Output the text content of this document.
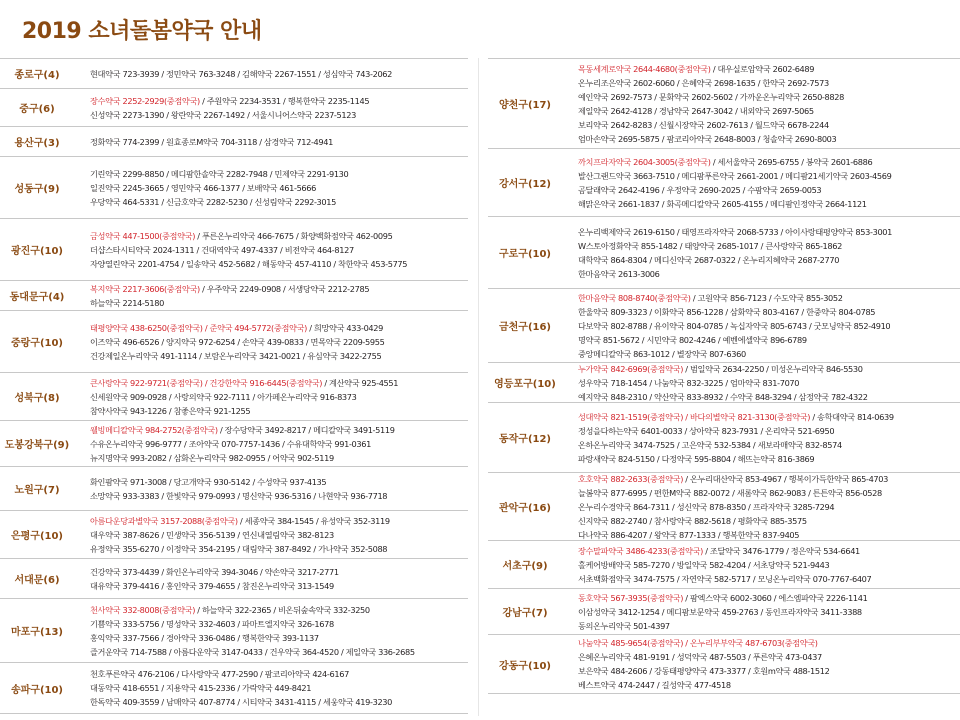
2019 소녀돌봄약국 안내
종로구(4)	현대약국 723-3939 / 정민약국 763-3248 / 김해약국 2267-1551 / 성심약국 743-2062
중구(6)
장수약국 2252-2929(중점약국) / 주원약국 2234-3531 / 행복한약국 2235-1145
신성약국 2273-1390 / 왕란약국 2267-1492 / 서울시니어스약국 2237-5123
용산구(3)	정화약국 774-2399 / 원효종로M약국 704-3118 / 삼경약국 712-4941
성동구(9)
기린약국 2299-8850 / 메디팜한솔약국 2282-7948 / 민제약국 2291-9130
일진약국 2245-3665 / 영민약국 466-1377 / 보배약국 461-5666
우당약국 464-5331 / 신금호약국 2282-5230 / 신성림약국 2292-3015
광진구(10)
금성약국 447-1500(중점약국) / 푸른온누리약국 466-7675 / 화양백화점약국 462-0095
더샵스타시티약국 2024-1311 / 건대역약국 497-4337 / 비전약국 464-8127
자양열린약국 2201-4754 / 일송약국 452-5682 / 해동약국 457-4110 / 착한약국 453-5775
동대문구(4)
복지약국 2217-3606(중점약국) / 우주약국 2249-0908 / 서생당약국 2212-2785
하늘약국 2214-5180
중랑구(10)
태평양약국 438-6250(중점약국) / 준약국 494-5772(중점약국) / 희망약국 433-0429
이즈약국 496-6526 / 양지약국 972-6254 / 손약국 439-0833 / 면목약국 2209-5955
건강제일온누리약국 491-1114 / 보람온누리약국 3421-0021 / 유심약국 3422-2755
성북구(8)
큰사랑약국 922-9721(중점약국) / 건강한약국 916-6445(중점약국) / 계산약국 925-4551
신세원약국 909-0928 / 사랑의약국 922-7111 / 아가페온누리약국 916-8373
참약사약국 943-1226 / 참좋은약국 921-1255
도봉강북구(9)
웰빙메디칼약국 984-2752(중점약국) / 장수당약국 3492-8217 / 메디칼약국 3491-5119
수유온누리약국 996-9777 / 조아약국 070-7757-1436 / 수유대학약국 991-0361
뉴지명약국 993-2082 / 삼화온누리약국 982-0955 / 어약국 902-5119
노원구(7)
화인팜약국 971-3008 / 당고개약국 930-5142 / 수성약국 937-4135
소망약국 933-3383 / 한빛약국 979-0993 / 명신약국 936-5316 / 나현약국 936-7718
은평구(10)
아름다운당과별약국 3157-2088(중점약국) / 세종약국 384-1545 / 유성약국 352-3119
대우약국 387-8626 / 민생약국 356-5139 / 연신내열림약국 382-8123
유정약국 355-6270 / 이정약국 354-2195 / 대림약국 387-8492 / 가나약국 352-5088
서대문(6)
건강약국 373-4439 / 화인온누리약국 394-3046 / 약손약국 3217-2771
대유약국 379-4416 / 홍인약국 379-4655 / 참진온누리약국 313-1549
마포구(13)
천사약국 332-8008(중점약국) / 하늘약국 322-2365 / 비온뒤숲속약국 332-3250
기쁨약국 333-5756 / 명성약국 332-4603 / 파마트엘지약국 326-1678
홍익약국 337-7566 / 경아약국 336-0486 / 행복한약국 393-1137
즐거운약국 714-7588 / 아름다운약국 3147-0433 / 건우약국 364-4520 / 제일약국 336-2685
송파구(10)
천호푸른약국 476-2106 / 다사랑약국 477-2590 / 팜코리아약국 424-6167
대동약국 418-6551 / 지용약국 415-2336 / 가락약국 449-8421
한독약국 409-3559 / 남매약국 407-8774 / 시티약국 3431-4115 / 세웅약국 419-3230
양천구(17)
목동세계로약국 2644-4680(중점약국) / 대우실로암약국 2602-6489
온누리조은약국 2602-6060 / 은혜약국 2698-1635 / 한약국 2692-7573
예인약국 2692-7573 / 문화약국 2602-5602 / 가까운온누리약국 2650-8828
제일약국 2642-4128 / 경남약국 2647-3042 / 내외약국 2697-5065
보리약국 2642-8283 / 신월시장약국 2602-7613 / 월드약국 6678-2244
엄마손약국 2695-5875 / 팜코리아약국 2648-8003 / 청솔약국 2690-8003
강서구(12)
까치프라자약국 2604-3005(중점약국) / 세서울약국 2695-6755 / 봉약국 2601-6886
발산그랜드약국 3663-7510 / 메디팜푸른약국 2661-2001 / 메디팜21세기약국 2603-4569
곰달래약국 2642-4196 / 우정약국 2690-2025 / 수팜약국 2659-0053
해맑은약국 2661-1837 / 화곡메디칼약국 2605-4155 / 메디팜인정약국 2664-1121
구로구(10)
온누리백제약국 2619-6150 / 태영프라자약국 2068-5733 / 아이사랑태평양약국 853-3001
W스토아정화약국 855-1482 / 태양약국 2685-1017 / 큰사랑약국 865-1862
대학약국 864-8304 / 메디신약국 2687-0322 / 온누리지혜약국 2687-2770
한마음약국 2613-3006
금천구(16)
한마음약국 808-8740(중점약국) / 고원약국 856-7123 / 수도약국 855-3052
한울약국 809-3323 / 이화약국 856-1228 / 삼화약국 803-4167 / 한중약국 804-0785
다보약국 802-8788 / 유이약국 804-0785 / 녹십자약국 805-6743 / 굿모닝약국 852-4910
명약국 851-5672 / 시민약국 802-4246 / 예벤에셀약국 896-6789
중앙메디칼약국 863-1012 / 별장약국 807-6360
영등포구(10)
누가약국 842-6969(중점약국) / 범일약국 2634-2250 / 미성온누리약국 846-5530
성우약국 718-1454 / 나눔약국 832-3225 / 엄마약국 831-7070
예지약국 848-2310 / 약산약국 833-8932 / 수약국 848-3294 / 삼정약국 782-4322
동작구(12)
성대약국 821-1519(중점약국) / 바다의별약국 821-3130(중점약국) / 송학대약국 814-0639
정성을다하는약국 6401-0033 / 상아약국 823-7931 / 온리약국 521-6950
온하온누리약국 3474-7525 / 고은약국 532-5384 / 새보라매약국 832-8574
파랑새약국 824-5150 / 다정약국 595-8804 / 해뜨는약국 816-3869
관악구(16)
호호약국 882-2633(중점약국) / 온누리대산약국 853-4967 / 행복이가득한약국 865-4703
늘봄약국 877-6995 / 편한M약국 882-0072 / 새롬약국 862-9083 / 튼튼약국 856-0528
온누리수경약국 864-7311 / 성신약국 878-8350 / 프라자약국 3285-7294
신지약국 882-2740 / 참사랑약국 882-5618 / 평화약국 885-3575
다나약국 886-4207 / 왕약국 877-1333 / 행복한약국 837-9405
서초구(9)
장수말파약국 3486-4233(중점약국) / 조달약국 3476-1779 / 정은약국 534-6641
홀케어방배약국 585-7270 / 방일약국 582-4204 / 서초당약국 521-9443
서초백화점약국 3474-7575 / 자연약국 582-5717 / 모닝온누리약국 070-7767-6407
강남구(7)
동호약국 567-3935(중점약국) / 팜엑스약국 6002-3060 / 에스엠파약국 2226-1141
이삼성약국 3412-1254 / 메디팜보문약국 459-2763 / 동인프라자약국 3411-3388
동의온누리약국 501-4397
강동구(10)
나눔약국 485-9654(중점약국) / 온누리부부약국 487-6703(중점약국)
은혜온누리약국 481-9191 / 성덕약국 487-5503 / 푸른약국 473-0437
보은약국 484-2606 / 강동태평양약국 473-3377 / 호원m약국 488-1512
베스트약국 474-2447 / 길성약국 477-4518
